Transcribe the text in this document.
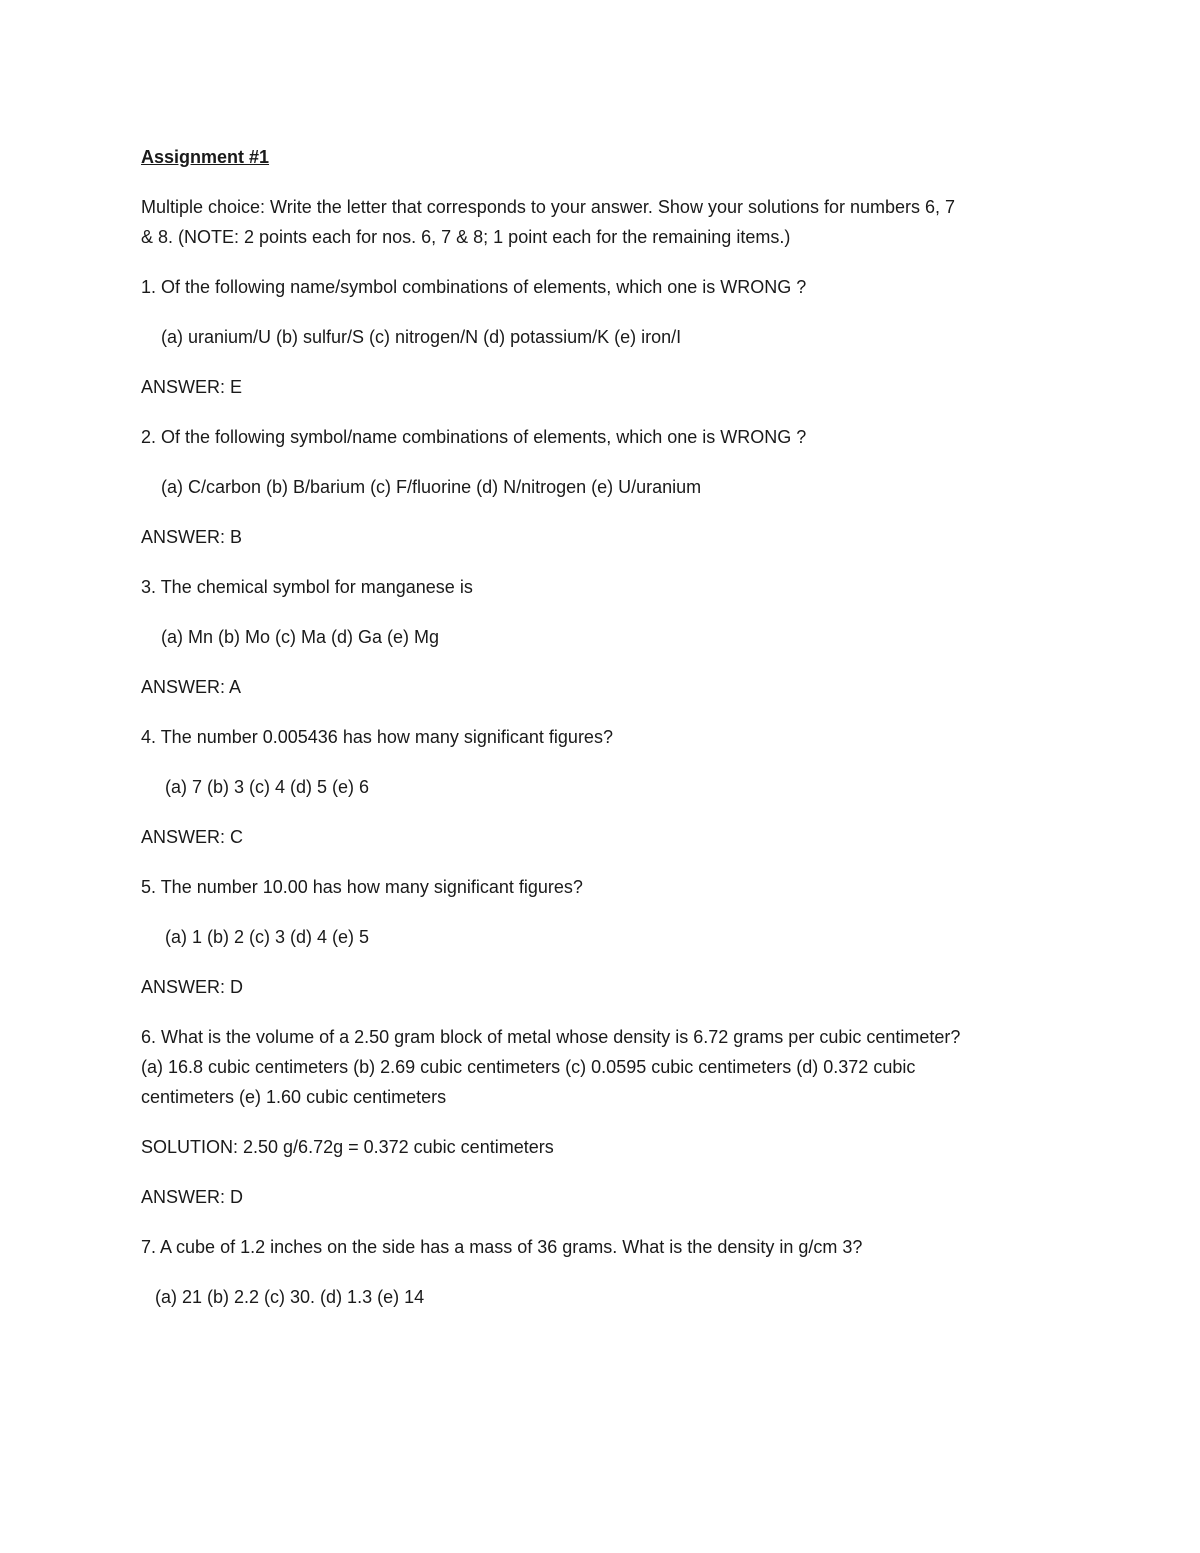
Assignment #1

Multiple choice: Write the letter that corresponds to your answer. Show your solutions for numbers 6, 7

& 8. (NOTE: 2 points each for nos. 6, 7 & 8; 1 point each for the remaining items.)

1. Of the following name/symbol combinations of elements, which one is WRONG ?

(a) uranium/U (b) sulfur/S (c) nitrogen/N (d) potassium/K (e) iron/I

ANSWER: E

2. Of the following symbol/name combinations of elements, which one is WRONG ?

(a) C/carbon (b) B/barium (c) F/fluorine (d) N/nitrogen (e) U/uranium

ANSWER: B

3. The chemical symbol for manganese is

(a) Mn (b) Mo (c) Ma (d) Ga (e) Mg

ANSWER: A

4. The number 0.005436 has how many significant figures?

(a) 7 (b) 3 (c) 4 (d) 5 (e) 6

ANSWER: C

5. The number 10.00 has how many significant figures?

(a) 1 (b) 2 (c) 3 (d) 4 (e) 5

ANSWER: D

6. What is the volume of a 2.50 gram block of metal whose density is 6.72 grams per cubic centimeter?

(a) 16.8 cubic centimeters (b) 2.69 cubic centimeters (c) 0.0595 cubic centimeters (d) 0.372 cubic

centimeters (e) 1.60 cubic centimeters

SOLUTION: 2.50 g/6.72g = 0.372 cubic centimeters

ANSWER: D

7. A cube of 1.2 inches on the side has a mass of 36 grams. What is the density in g/cm 3?

(a) 21 (b) 2.2 (c) 30. (d) 1.3 (e) 14
